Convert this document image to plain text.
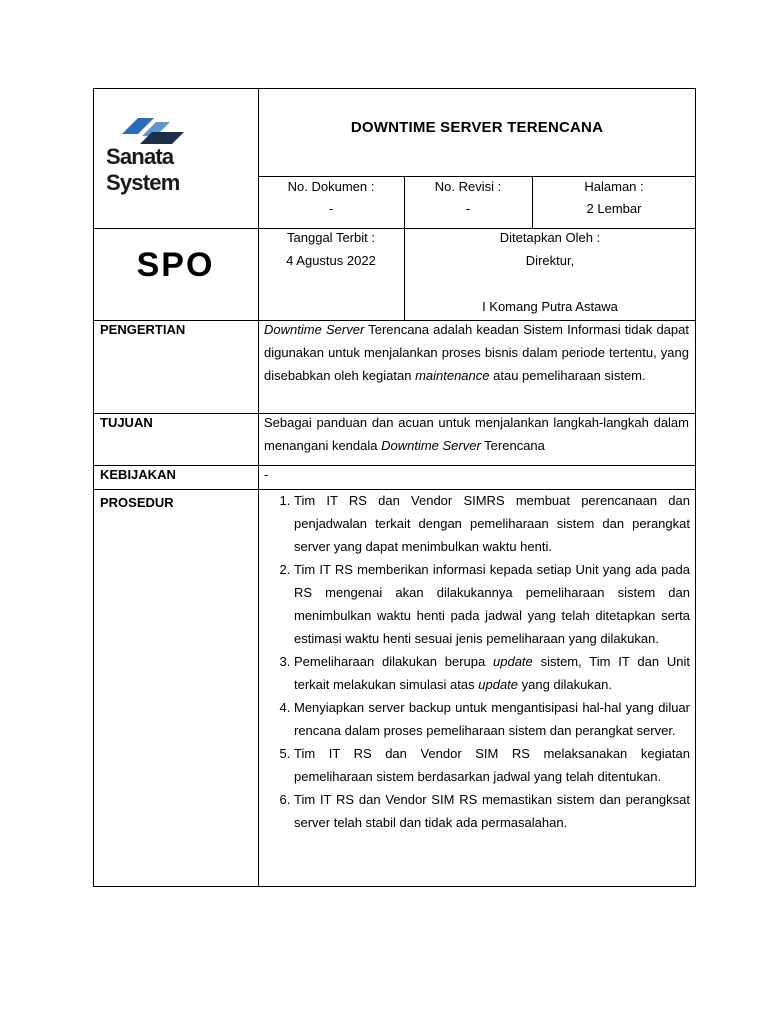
Sanata System
DOWNTIME SERVER TERENCANA
No. Dokumen :
-
No. Revisi :
-
Halaman :
2 Lembar
SPO
Tanggal Terbit :
4 Agustus 2022
Ditetapkan Oleh :
Direktur,
I Komang Putra Astawa
PENGERTIAN	Downtime Server Terencana adalah keadan Sistem Informasi tidak dapat digunakan untuk menjalankan proses bisnis dalam periode tertentu, yang disebabkan oleh kegiatan maintenance atau pemeliharaan sistem.
TUJUAN	Sebagai panduan dan acuan untuk menjalankan langkah-langkah dalam menangani kendala Downtime Server Terencana
KEBIJAKAN	-
PROSEDUR
1.	Tim IT RS dan Vendor SIMRS membuat perencanaan dan penjadwalan terkait dengan pemeliharaan sistem dan perangkat server yang dapat menimbulkan waktu henti.
2. Tim IT RS memberikan informasi kepada setiap Unit yang ada pada RS mengenai akan dilakukannya pemeliharaan sistem dan menimbulkan waktu henti pada jadwal yang telah ditetapkan serta estimasi waktu henti sesuai jenis pemeliharaan yang dilakukan.
3. Pemeliharaan dilakukan berupa update sistem, Tim IT dan Unit terkait melakukan simulasi atas update yang dilakukan.
4. Menyiapkan server backup untuk mengantisipasi hal-hal yang diluar rencana dalam proses pemeliharaan sistem dan perangkat server.
5. Tim IT RS dan Vendor SIM RS melaksanakan kegiatan pemeliharaan sistem berdasarkan jadwal yang telah ditentukan.
6. Tim IT RS dan Vendor SIM RS memastikan sistem dan perangksat server telah stabil dan tidak ada permasalahan.
